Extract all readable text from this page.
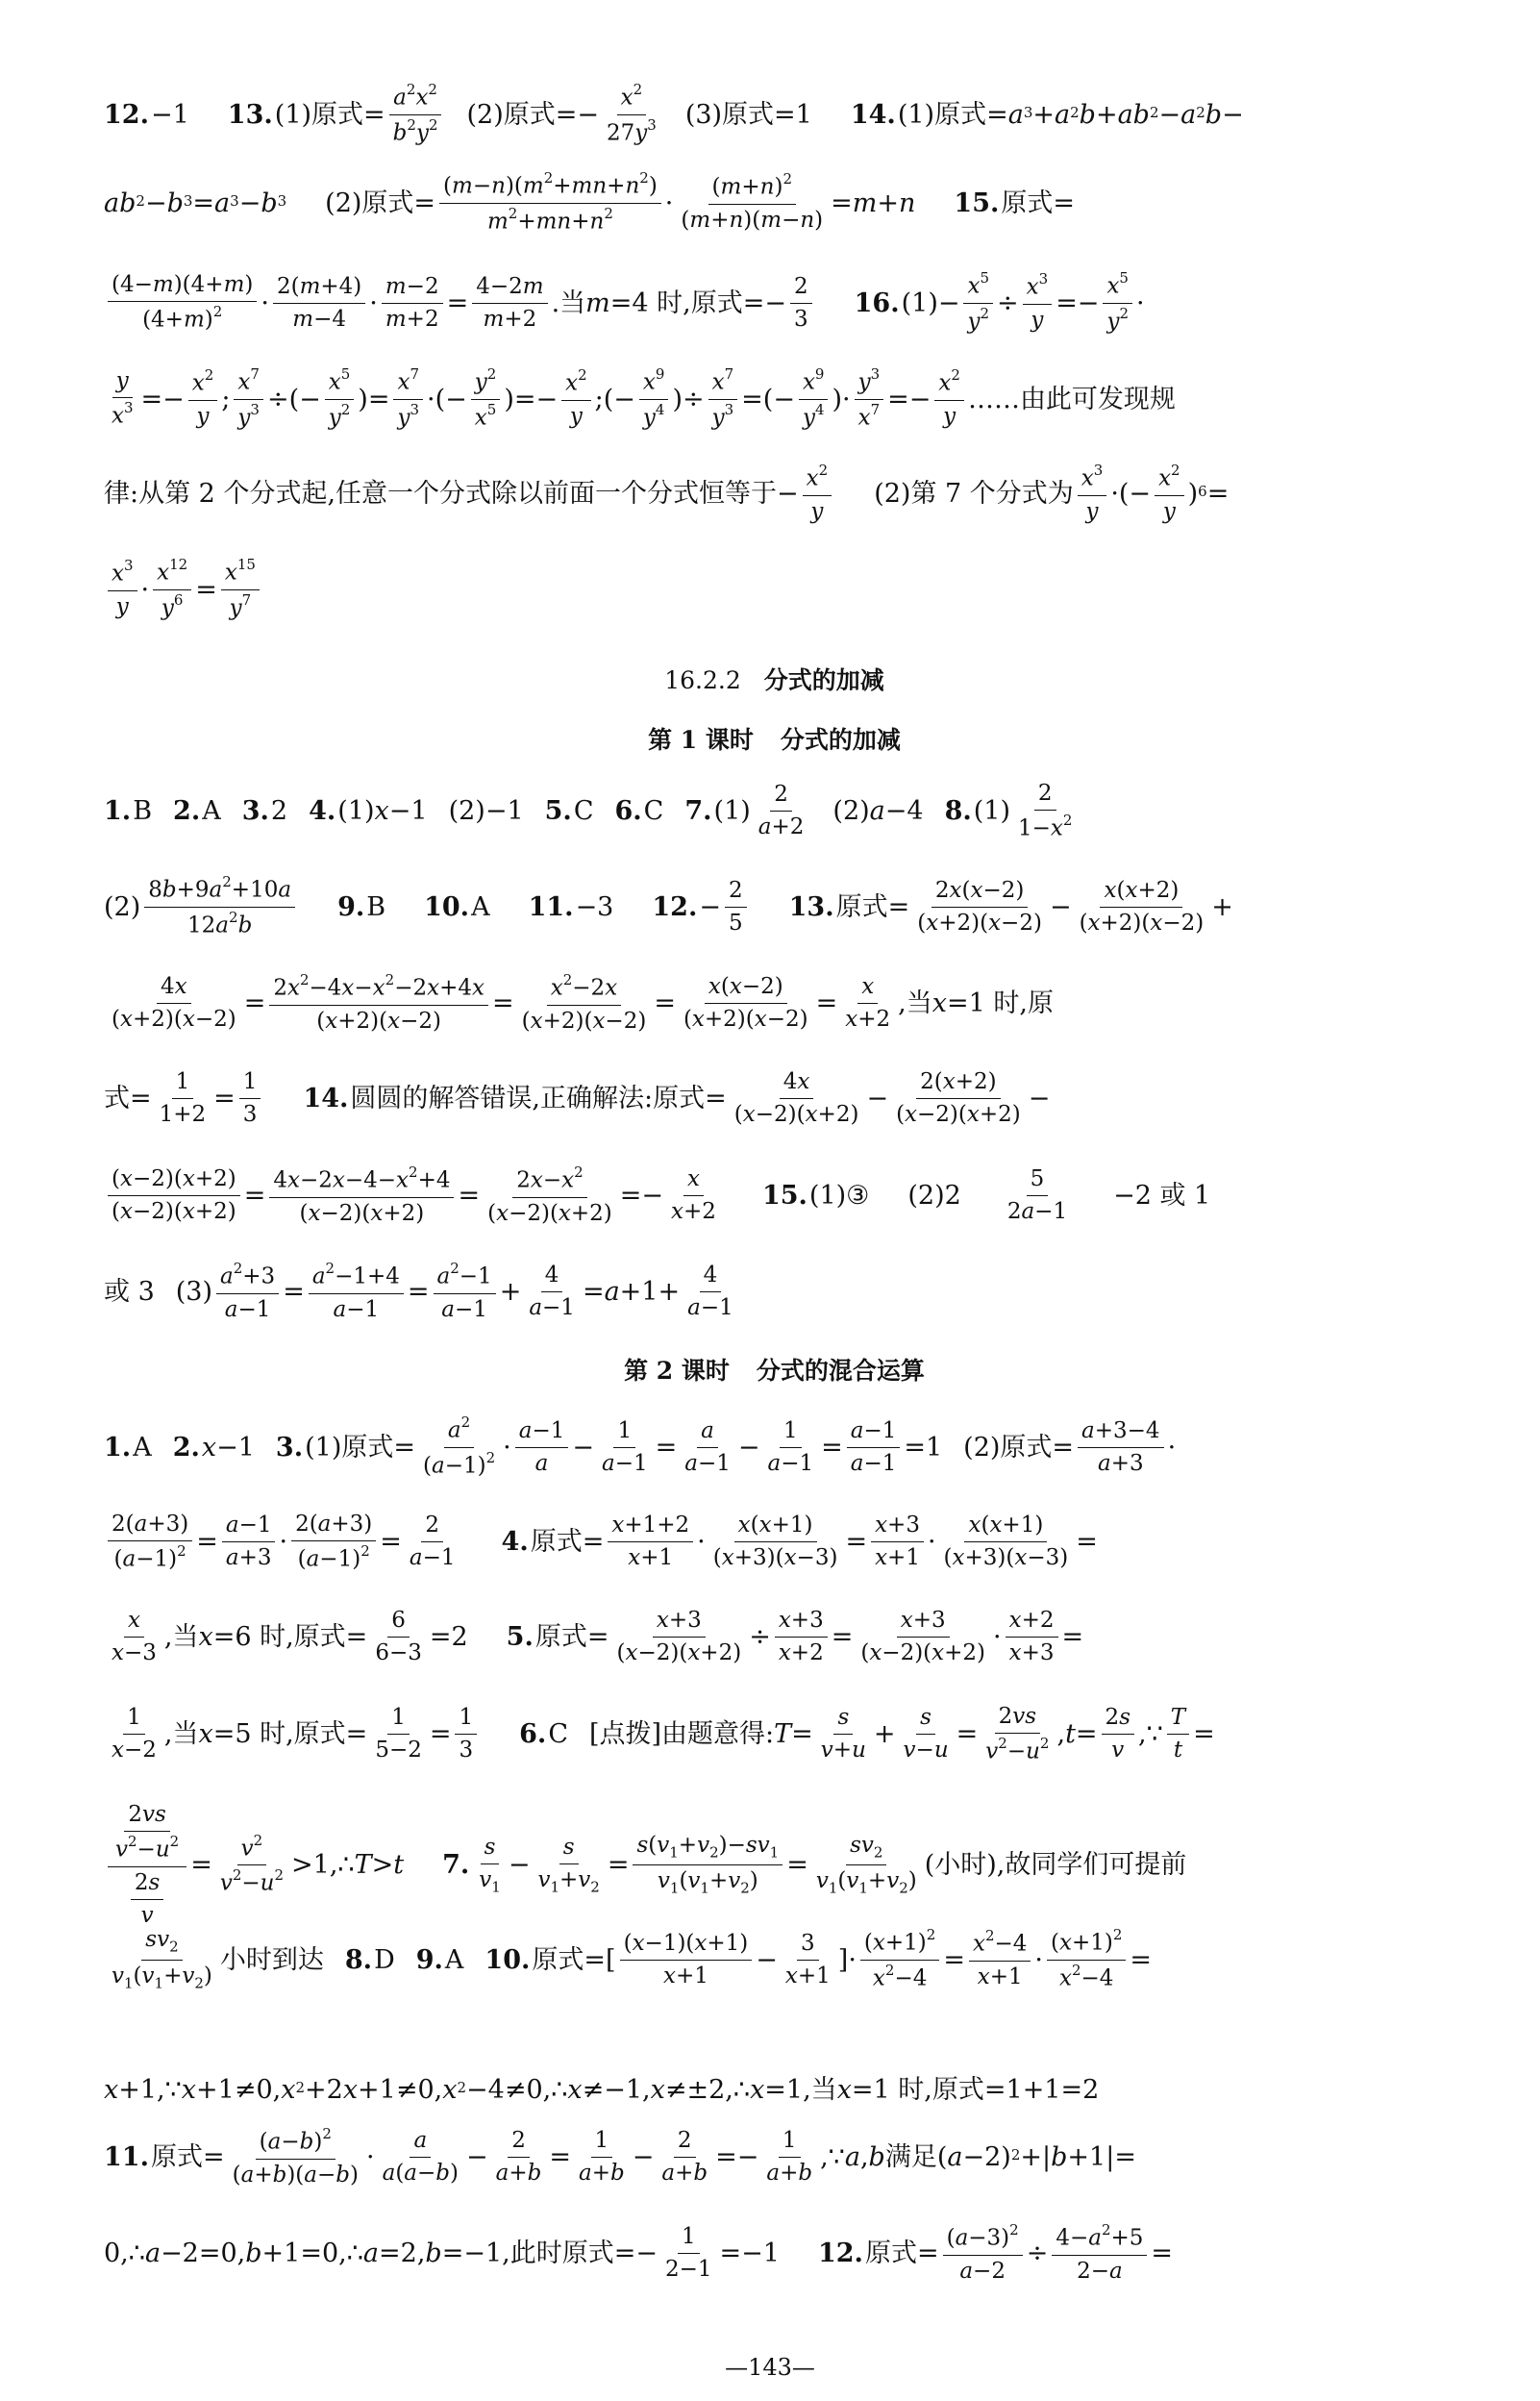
12. −1 13. (1)原式=
$a^2x^2$
$b^2y^2$ (2)原式=−
$x^2$
$27y^3$ (3)原式=1 14. (1)原式= $a^3 + a^2$ $b + ab^2 - a^2$ b −
$ab^2 - b^3 = a^3 - b^3$ (2)原式=
$(m-n)(m^2+mn+n^2)$
$m^2+mn+n^2$ ·
$(m+n)^2$
(m+n)(m−n)
= m + n 15. 原式=
(4−m)(4+m)
$(4+m)^2$ ·
2(m+4)
m−4
·
m−2
m+2
=
4−2m
m+2
.当 m =4 时,原式=−
2
3
16. (1)−
$x^5$
$y^2$ ÷
$x^3$
y
=−
$x^5$
$y^2$ ·
y
$x^3$ =−
$x^2$
y
;
$x^7$
$y^3$ ÷(−
$x^5$
$y^2$ )=
$x^7$
$y^3$ ·(−
$y^2$
$x^5$ )=−
$x^2$
y
;(−
$x^9$
$y^4$ )÷
$x^7$
$y^3$ =(−
$x^9$
$y^4$ )·
$y^3$
$x^7$ =−
$x^2$
y
……由此可发现规
律:从第 2 个分式起,任意一个分式除以前面一个分式恒等于 −
$x^2$
y
(2) 第 7 个分式为
$x^3$
y
·(−
$x^2$
y
)$^6$ =
$x^3$
y
·
$x^{12}$
$y^6$ =
$x^{15}$
$y^7$
16.2.2 分式的加减
第 1 课时 分式的加减
1. B 2. A 3. 2 4. (1) x −1 (2)−1 5. C 6. C 7. (1)
2
a+2
(2) a −4 8. (1)
2
$1-x^2$
(2)
$8b+9a^2+10a$
$12a^2b$
9. B 10. A 11. −3 12. −
2
5
13. 原式=
2x(x−2)
(x+2)(x−2)
−
x(x+2)
(x+2)(x−2)
+
4x
(x+2)(x−2)
=
$2x^2-4x-x^2-2x+4x$
(x+2)(x−2)
=
$x^2-2x$
(x+2)(x−2)
=
x(x−2)
(x+2)(x−2)
=
x
x+2
,当 x =1 时,原
式=
1
1+2
=
1
3
14. 圆圆的解答错误,正确解法:原式 =
4x
(x−2)(x+2)
−
2(x+2)
(x−2)(x+2)
−
(x−2)(x+2)
(x−2)(x+2)
=
$4x-2x-4-x^2+4$
(x−2)(x+2)
=
$2x-x^2$
(x−2)(x+2)
=−
x
x+2
15. (1)③ (2)2
5
2a−1
−2 或 1
或 3 (3)
$a^2+3$
a−1
=
$a^2-1+4$
a−1
=
$a^2-1$
a−1
+
4
a−1
= a +1+
4
a−1
第 2 课时 分式的混合运算
1. A 2. x −1 3. (1)原式=
$a^2$
$(a-1)^2$ ·
a−1
a
−
1
a−1
=
a
a−1
−
1
a−1
=
a−1
a−1
=1 (2)原式=
a+3−4
a+3
·
2(a+3)
$(a-1)^2$ =
a−1
a+3
·
2(a+3)
$(a-1)^2$ =
2
a−1
4. 原式=
x+1+2
x+1
·
x(x+1)
(x+3)(x−3)
=
x+3
x+1
·
x(x+1)
(x+3)(x−3)
=
x
x−3
,当 x =6 时,原式=
6
6−3
=2 5. 原式=
x+3
(x−2)(x+2)
÷
x+3
x+2
=
x+3
(x−2)(x+2)
·
x+2
x+3
=
1
x−2
,当 x =5 时,原式=
1
5−2
=
1
3
6. C [点拨]由题意得: T =
s
v+u
+
s
v−u
=
2vs
$v^2-u^2$ , t =
2s
v
,∵
T
t
=
$\frac{2vs}{v^2-u^2}$
$\frac{2s}{v}$
=
$v^2$
$v^2-u^2$ >1,∴ T > t 7.
s
$v_1$
−
s
$v_1+v_2$
=
$s(v_1+v_2)-sv_1$
$v_1(v_1+v_2)$
=
$sv_2$
$v_1(v_1+v_2)$
(小时),故同学们可提前
$sv_2$
$v_1(v_1+v_2)$
小时到达 8. D 9. A 10. 原式=[
(x−1)(x+1)
x+1
−
3
x+1
]·
$(x+1)^2$
$x^2-4$
=
$x^2-4$
x+1
·
$(x+1)^2$
$x^2-4$
=
x +1,∵ x +1≠0, $x^2 +2$ x +1≠0, $x^2$ −4≠0,∴ x ≠−1, x ≠±2,∴ x =1,当 x =1 时,原式=1+1=2
11. 原式=
$(a-b)^2$
(a+b)(a−b)
·
a
a(a−b)
−
2
a+b
=
1
a+b
−
2
a+b
=−
1
a+b
,∵ a , b 满足 ( a −2)$^2$ +| b +1|=
0,∴ a −2=0, b +1=0,∴ a =2, b =−1, 此时原式 =−
1
2−1
=−1 12. 原式=
$(a-3)^2$
a−2
÷
$4-a^2+5$
2−a
=
—143—
